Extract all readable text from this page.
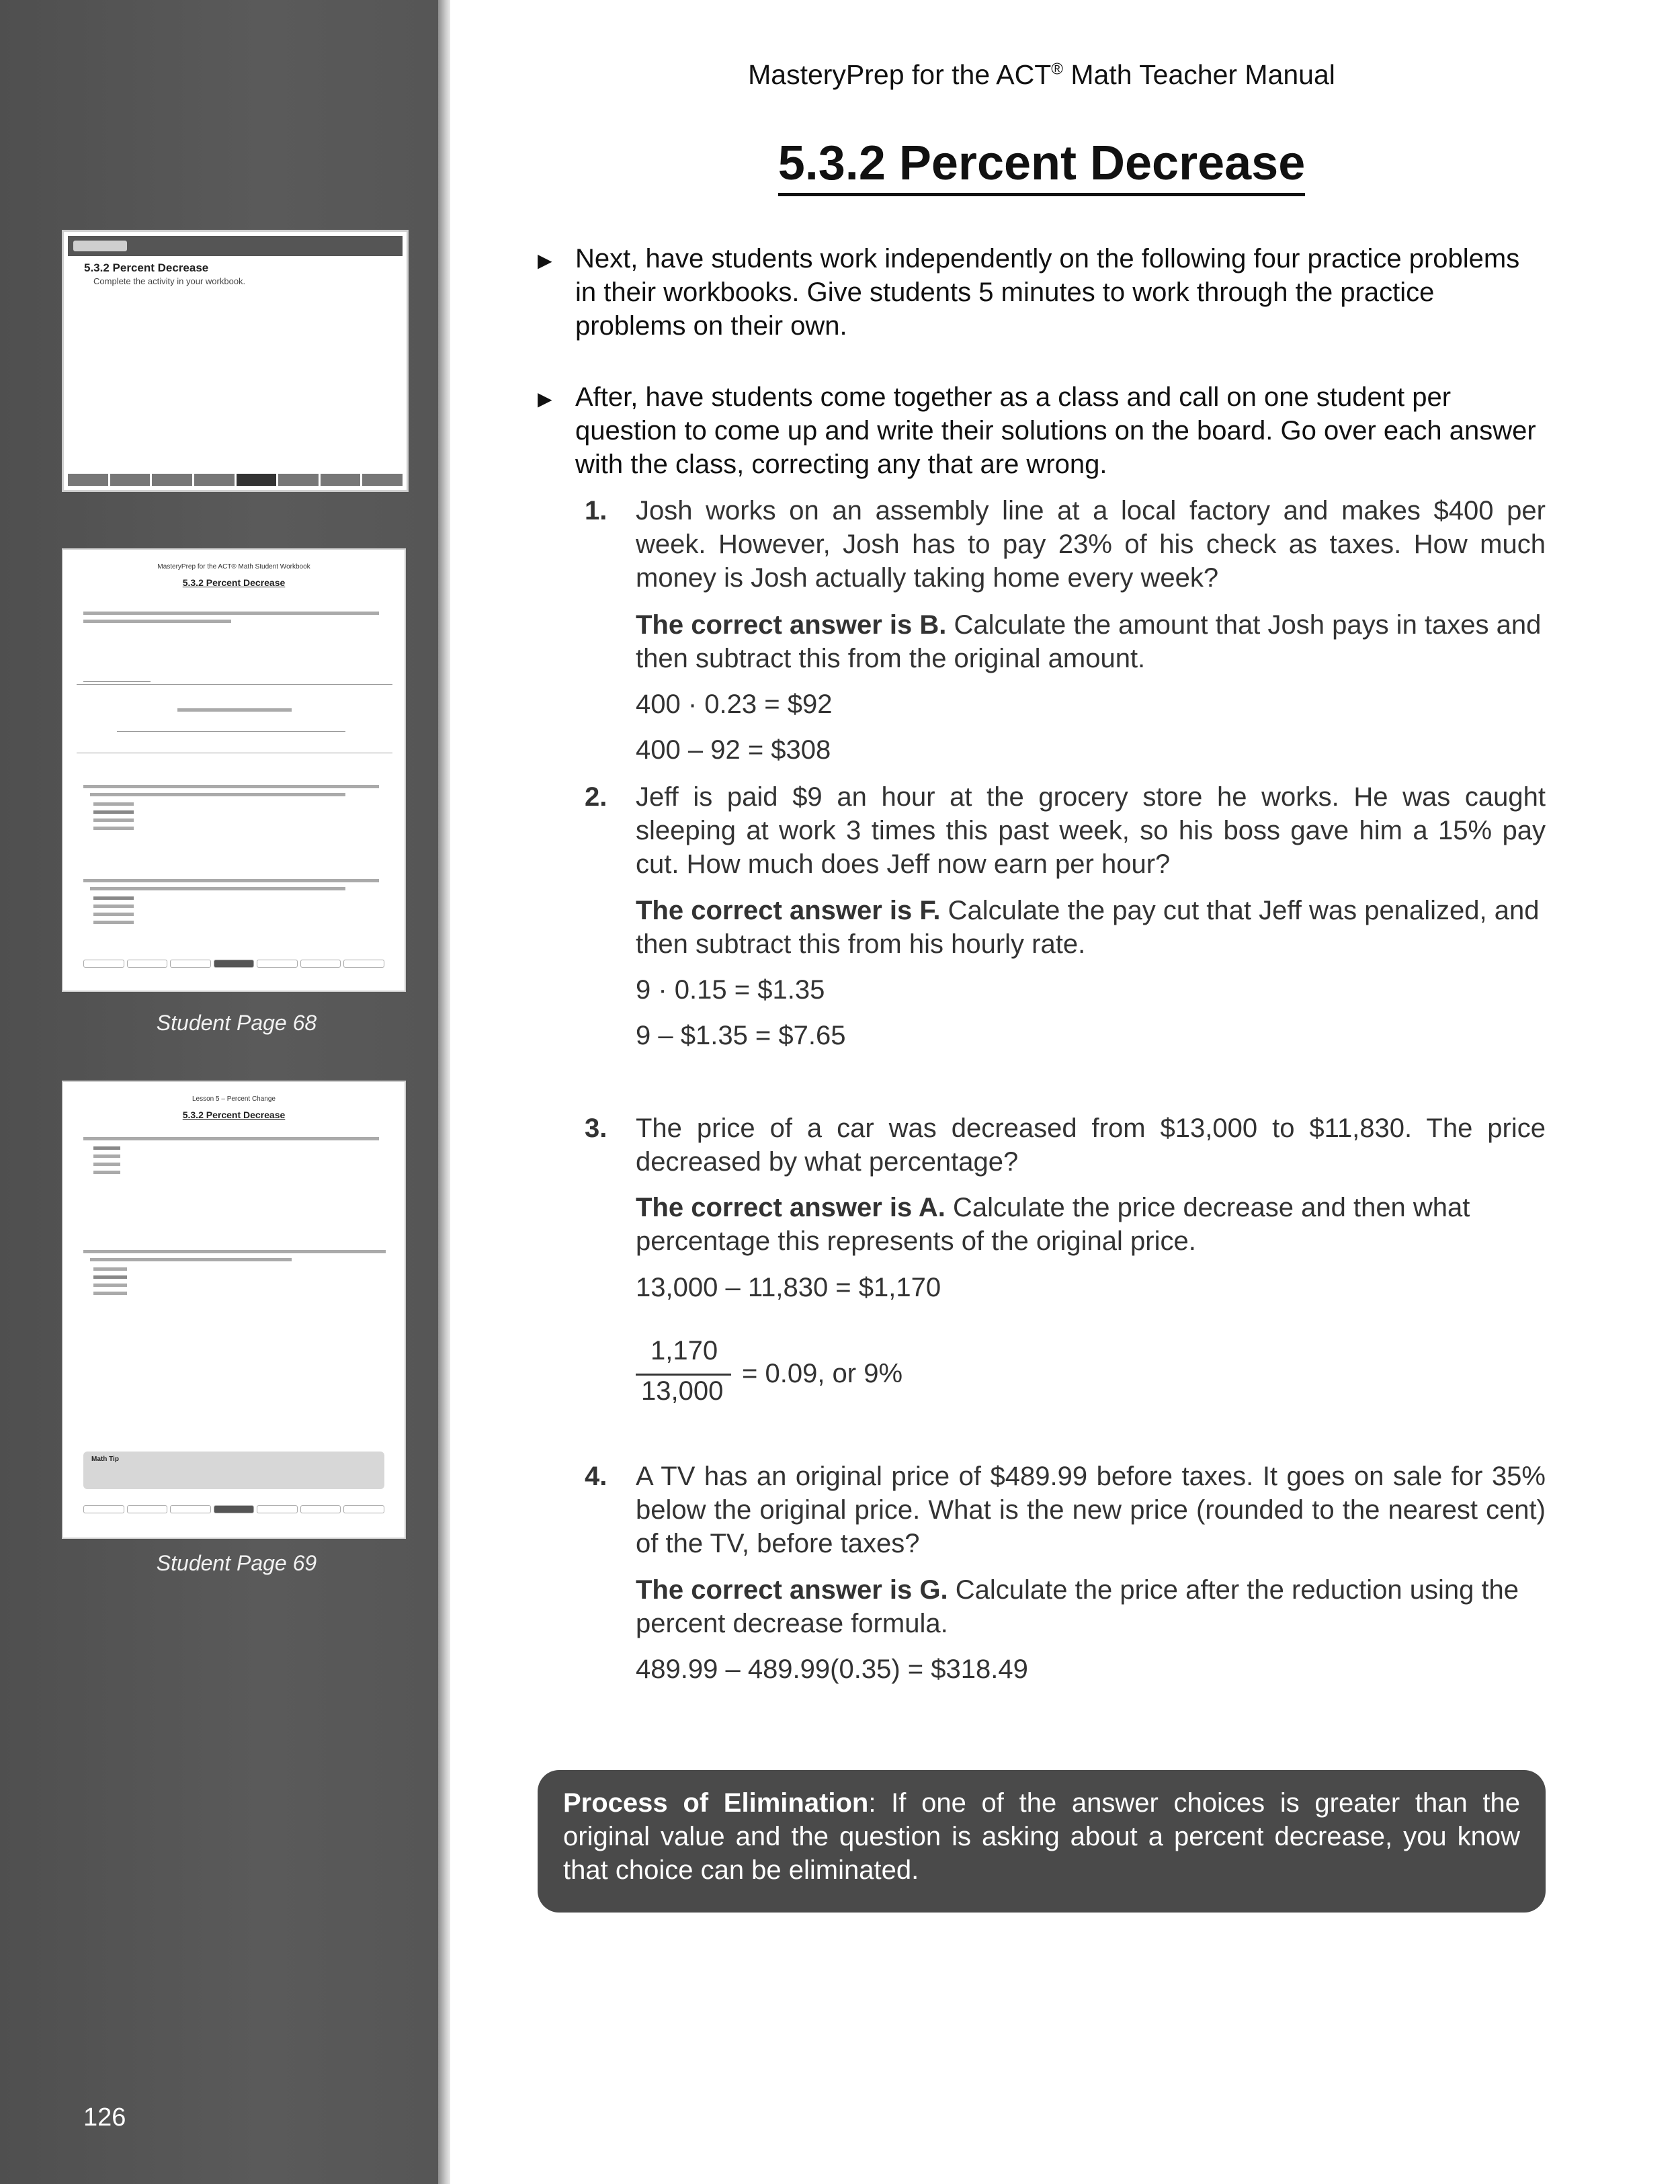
5.3.2 Percent Decrease
Complete the activity in your workbook.
MasteryPrep for the ACT® Math Student Workbook
5.3.2 Percent Decrease
Student Page 68
Lesson 5 – Percent Change
5.3.2 Percent Decrease
Math Tip
Student Page 69
126
MasteryPrep for the ACT® Math Teacher Manual
5.3.2 Percent Decrease
▶ Next, have students work independently on the following four practice problems in their workbooks. Give students 5 minutes to work through the practice problems on their own.
▶ After, have students come together as a class and call on one student per question to come up and write their solutions on the board. Go over each answer with the class, correcting any that are wrong.
1. Josh works on an assembly line at a local factory and makes $400 per week. However, Josh has to pay 23% of his check as taxes. How much money is Josh actually taking home every week?
The correct answer is B. Calculate the amount that Josh pays in taxes and then subtract this from the original amount.
400 · 0.23 = $92
400 – 92 = $308
2. Jeff is paid $9 an hour at the grocery store he works. He was caught sleeping at work 3 times this past week, so his boss gave him a 15% pay cut. How much does Jeff now earn per hour?
The correct answer is F. Calculate the pay cut that Jeff was penalized, and then subtract this from his hourly rate.
9 · 0.15 = $1.35
9 – $1.35 = $7.65
3. The price of a car was decreased from $13,000 to $11,830. The price decreased by what percentage?
The correct answer is A. Calculate the price decrease and then what percentage this represents of the original price.
13,000 – 11,830 = $1,170
1,170
13,000
= 0.09, or 9%
4. A TV has an original price of $489.99 before taxes. It goes on sale for 35% below the original price. What is the new price (rounded to the nearest cent) of the TV, before taxes?
The correct answer is G. Calculate the price after the reduction using the percent decrease formula.
489.99 – 489.99(0.35) = $318.49
Process of Elimination: If one of the answer choices is greater than the original value and the question is asking about a percent decrease, you know that choice can be eliminated.
